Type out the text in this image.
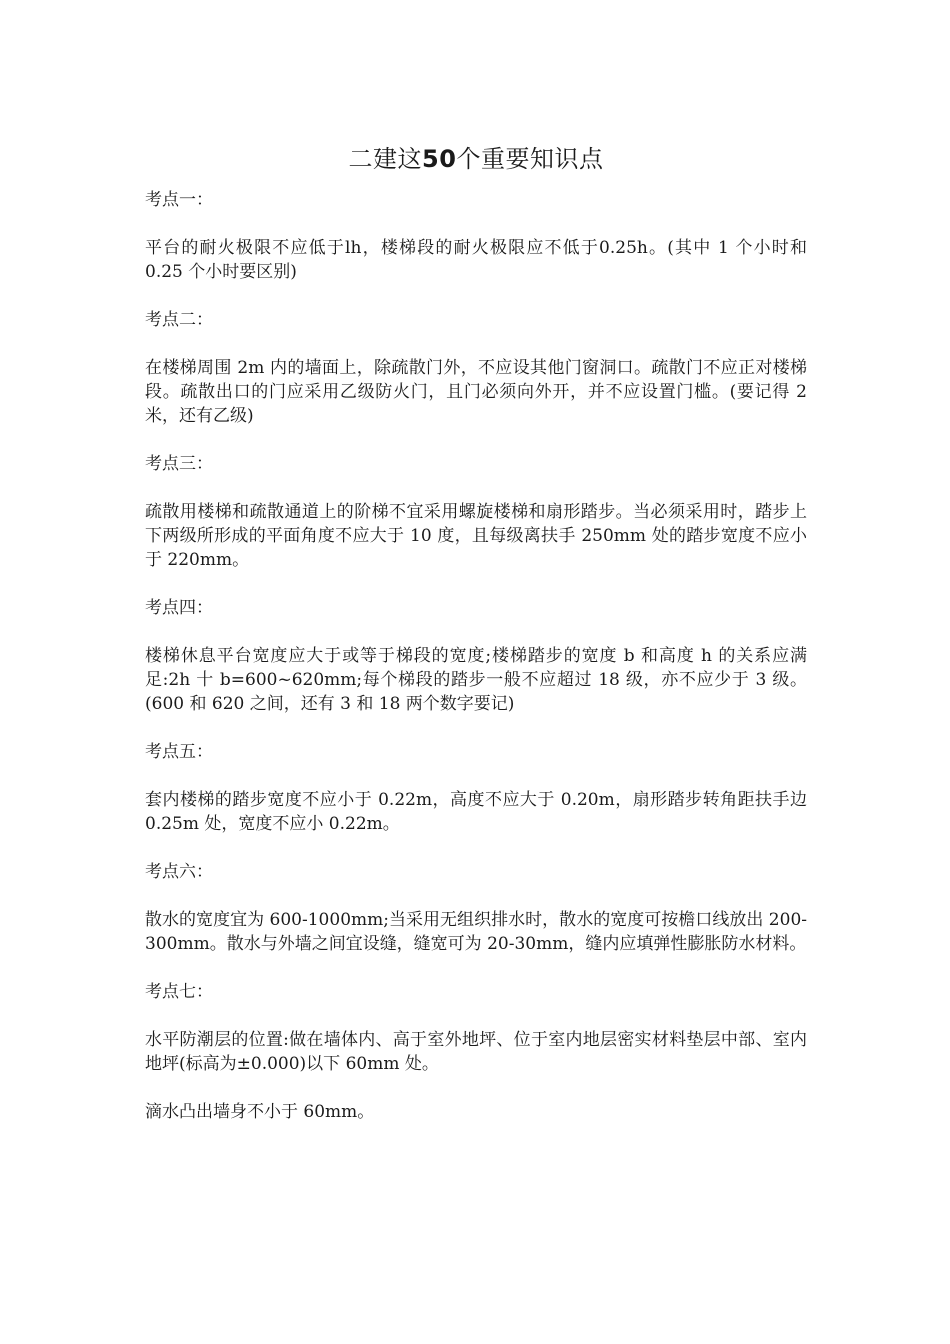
二建这50个重要知识点
考点一：
平台的耐火极限不应低于lh，楼梯段的耐火极限应不低于0.25h。(其中 1 个小时和 0.25 个小时要区别)
考点二：
在楼梯周围 2m 内的墙面上，除疏散门外，不应设其他门窗洞口。疏散门不应正对楼梯段。疏散出口的门应采用乙级防火门，且门必须向外开，并不应设置门槛。(要记得 2 米，还有乙级)
考点三：
疏散用楼梯和疏散通道上的阶梯不宜采用螺旋楼梯和扇形踏步。当必须采用时，踏步上下两级所形成的平面角度不应大于 10 度，且每级离扶手 250mm 处的踏步宽度不应小于 220mm。
考点四：
楼梯休息平台宽度应大于或等于梯段的宽度;楼梯踏步的宽度 b 和高度 h 的关系应满足:2h 十 b=600~620mm;每个梯段的踏步一般不应超过 18 级，亦不应少于 3 级。(600 和 620 之间，还有 3 和 18 两个数字要记)
考点五：
套内楼梯的踏步宽度不应小于 0.22m，高度不应大于 0.20m，扇形踏步转角距扶手边 0.25m 处，宽度不应小 0.22m。
考点六：
散水的宽度宜为 600-1000mm;当采用无组织排水时，散水的宽度可按檐口线放出 200-300mm。散水与外墙之间宜设缝，缝宽可为 20-30mm，缝内应填弹性膨胀防水材料。
考点七：
水平防潮层的位置:做在墙体内、高于室外地坪、位于室内地层密实材料垫层中部、室内地坪(标高为±0.000)以下 60mm 处。
滴水凸出墙身不小于 60mm。
